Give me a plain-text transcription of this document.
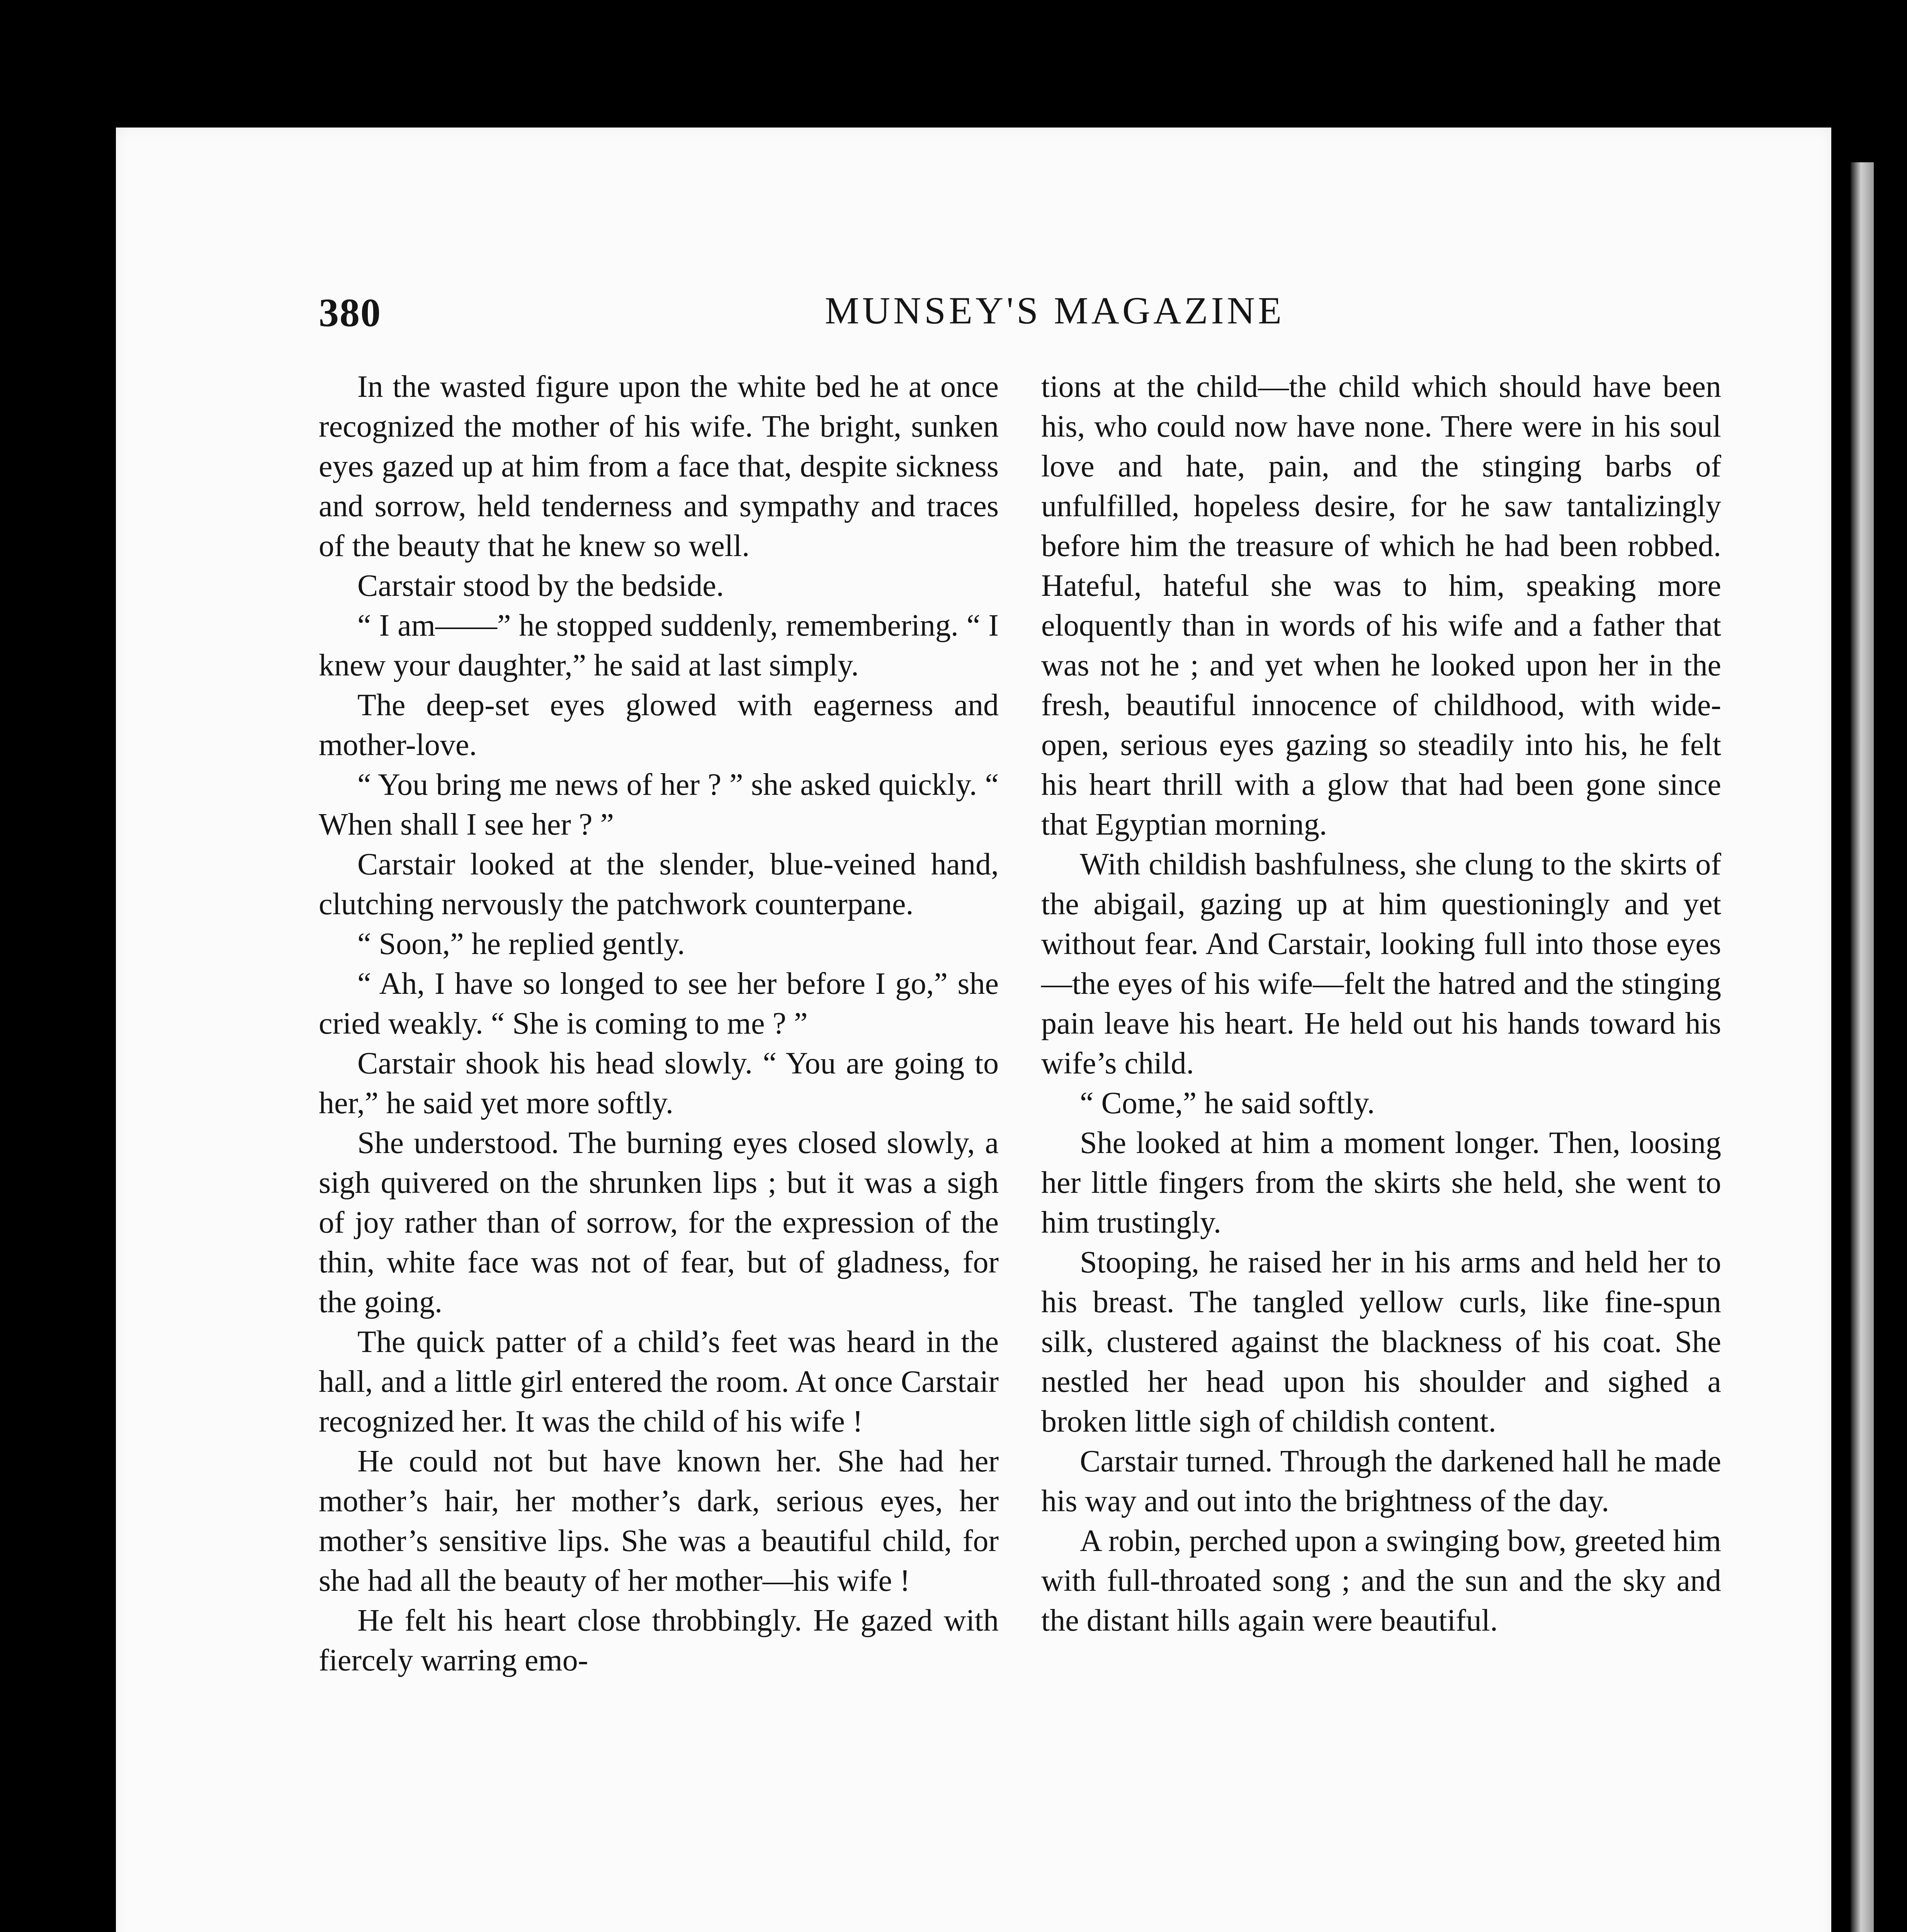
380	MUNSEY'S MAGAZINE

In the wasted figure upon the white bed he at once recognized the mother of his wife. The bright, sunken eyes gazed up at him from a face that, despite sickness and sorrow, held tenderness and sympathy and traces of the beauty that he knew so well.

Carstair stood by the bedside.

“ I am——” he stopped suddenly, remembering. “ I knew your daughter,” he said at last simply.

The deep-set eyes glowed with eagerness and mother-love.

“ You bring me news of her ? ” she asked quickly. “ When shall I see her ? ”

Carstair looked at the slender, blue-veined hand, clutching nervously the patchwork counterpane.

“ Soon,” he replied gently.

“ Ah, I have so longed to see her before I go,” she cried weakly. “ She is coming to me ? ”

Carstair shook his head slowly. “ You are going to her,” he said yet more softly.

She understood. The burning eyes closed slowly, a sigh quivered on the shrunken lips ; but it was a sigh of joy rather than of sorrow, for the expression of the thin, white face was not of fear, but of gladness, for the going.

The quick patter of a child’s feet was heard in the hall, and a little girl entered the room. At once Carstair recognized her. It was the child of his wife !

He could not but have known her. She had her mother’s hair, her mother’s dark, serious eyes, her mother’s sensitive lips. She was a beautiful child, for she had all the beauty of her mother—his wife !

He felt his heart close throbbingly. He gazed with fiercely warring emo-

tions at the child—the child which should have been his, who could now have none. There were in his soul love and hate, pain, and the stinging barbs of unfulfilled, hopeless desire, for he saw tantalizingly before him the treasure of which he had been robbed. Hateful, hateful she was to him, speaking more eloquently than in words of his wife and a father that was not he ; and yet when he looked upon her in the fresh, beautiful innocence of childhood, with wide-open, serious eyes gazing so steadily into his, he felt his heart thrill with a glow that had been gone since that Egyptian morning.

With childish bashfulness, she clung to the skirts of the abigail, gazing up at him questioningly and yet without fear. And Carstair, looking full into those eyes—the eyes of his wife—felt the hatred and the stinging pain leave his heart. He held out his hands toward his wife’s child.

“ Come,” he said softly.

She looked at him a moment longer. Then, loosing her little fingers from the skirts she held, she went to him trustingly.

Stooping, he raised her in his arms and held her to his breast. The tangled yellow curls, like fine-spun silk, clustered against the blackness of his coat. She nestled her head upon his shoulder and sighed a broken little sigh of childish content.

Carstair turned. Through the darkened hall he made his way and out into the brightness of the day.

A robin, perched upon a swinging bow, greeted him with full-throated song ; and the sun and the sky and the distant hills again were beautiful.
